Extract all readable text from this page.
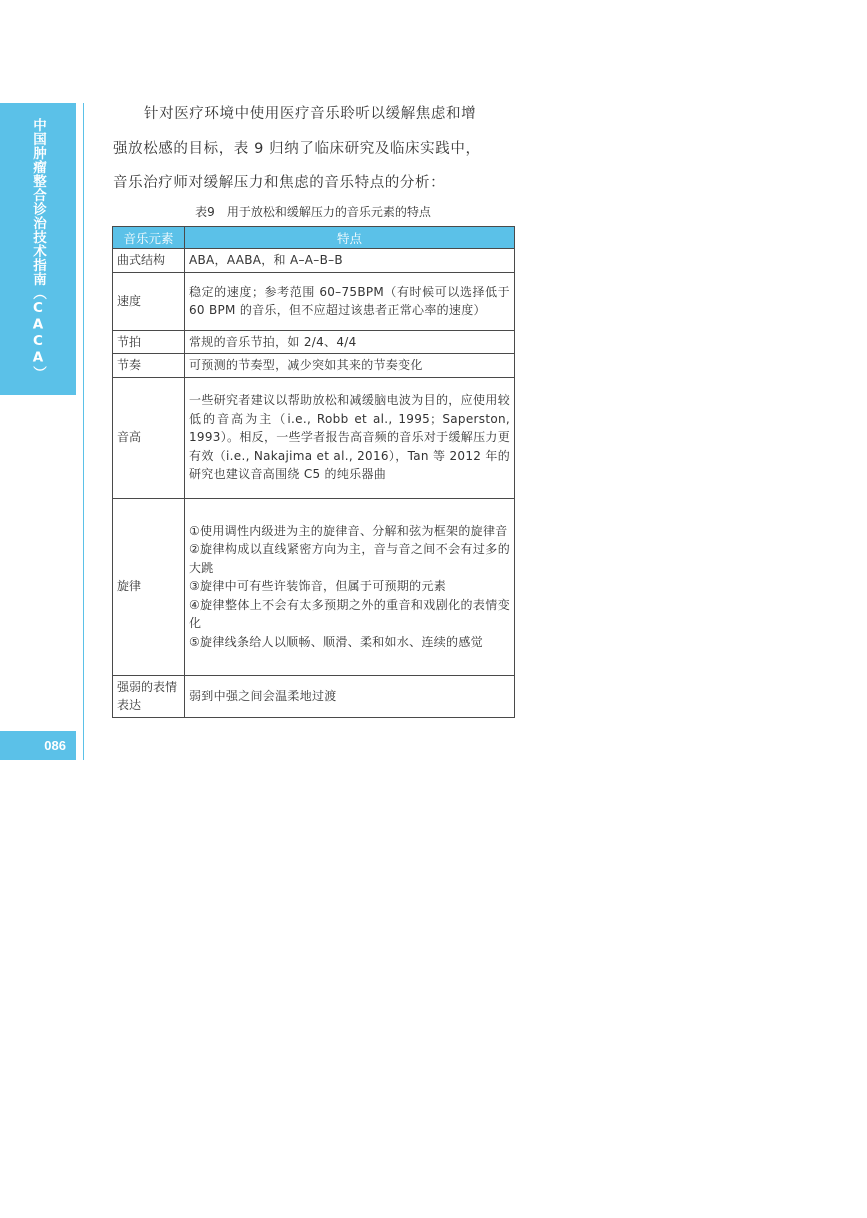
中国肿瘤整合诊治技术指南（CACA）
086
针对医疗环境中使用医疗音乐聆听以缓解焦虑和增
强放松感的目标，表 9 归纳了临床研究及临床实践中，
音乐治疗师对缓解压力和焦虑的音乐特点的分析：
表9 用于放松和缓解压力的音乐元素的特点
音乐元素	特点
曲式结构	ABA，AABA，和 A–A–B–B
速度	稳定的速度；参考范围 60–75BPM（有时候可以选择低于 60 BPM 的音乐，但不应超过该患者正常心率的速度）
节拍	常规的音乐节拍，如 2/4、4/4
节奏	可预测的节奏型，减少突如其来的节奏变化
音高	一些研究者建议以帮助放松和减缓脑电波为目的，应使用较低的音高为主（i.e., Robb et al., 1995；Saperston, 1993）。相反，一些学者报告高音频的音乐对于缓解压力更有效（i.e., Nakajima et al., 2016），Tan 等 2012 年的研究也建议音高围绕 C5 的纯乐器曲
旋律	①使用调性内级进为主的旋律音、分解和弦为框架的旋律音
②旋律构成以直线紧密方向为主，音与音之间不会有过多的大跳
③旋律中可有些许装饰音，但属于可预期的元素
④旋律整体上不会有太多预期之外的重音和戏剧化的表情变化
⑤旋律线条给人以顺畅、顺滑、柔和如水、连续的感觉

强弱的表情表达	弱到中强之间会温柔地过渡
